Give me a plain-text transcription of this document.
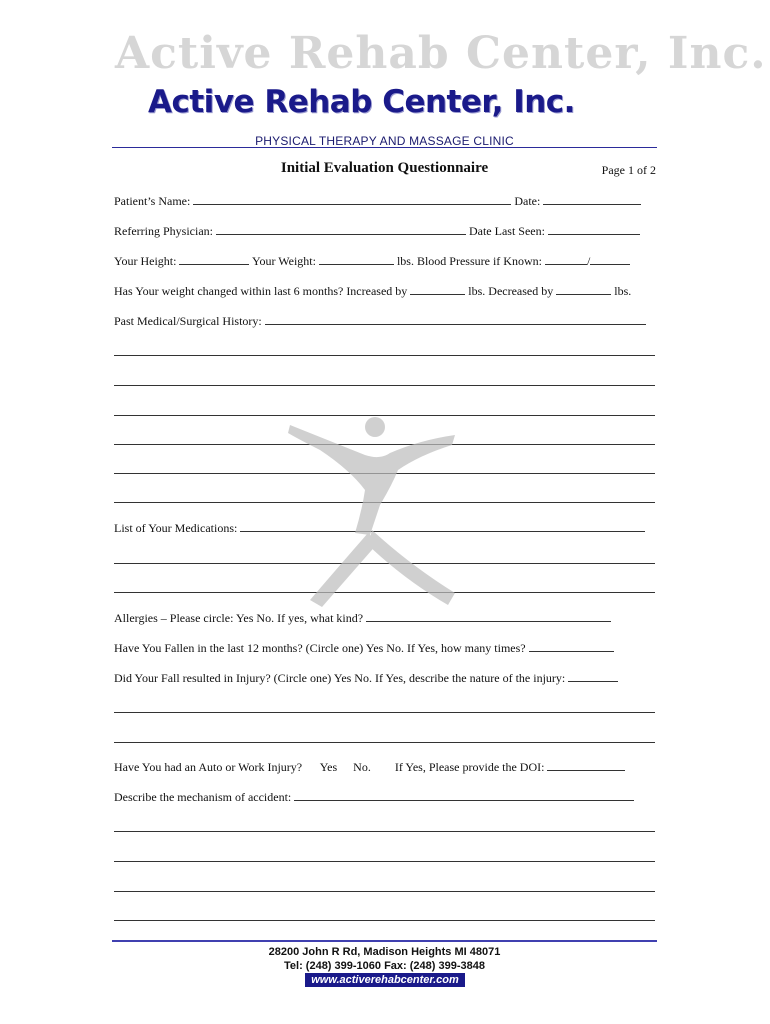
Active Rehab Center, Inc.
Active Rehab Center, Inc.
PHYSICAL THERAPY AND MASSAGE CLINIC
Initial Evaluation Questionnaire	Page 1 of 2
Patient’s Name:	Date:
Referring Physician:	Date Last Seen:
Your Height:	Your Weight:	lbs. Blood Pressure if Known:	/
Has Your weight changed within last 6 months? Increased by	lbs. Decreased by	lbs.
Past Medical/Surgical History:
List of Your Medications:
Allergies – Please circle: Yes No. If yes, what kind?
Have You Fallen in the last 12 months? (Circle one) Yes No. If Yes, how many times?
Did Your Fall resulted in Injury? (Circle one) Yes No. If Yes, describe the nature of the injury:
Have You had an Auto or Work Injury? Yes No. If Yes, Please provide the DOI:
Describe the mechanism of accident:
28200 John R Rd, Madison Heights MI 48071
Tel: (248) 399-1060 Fax: (248) 399-3848
www.activerehabcenter.com
